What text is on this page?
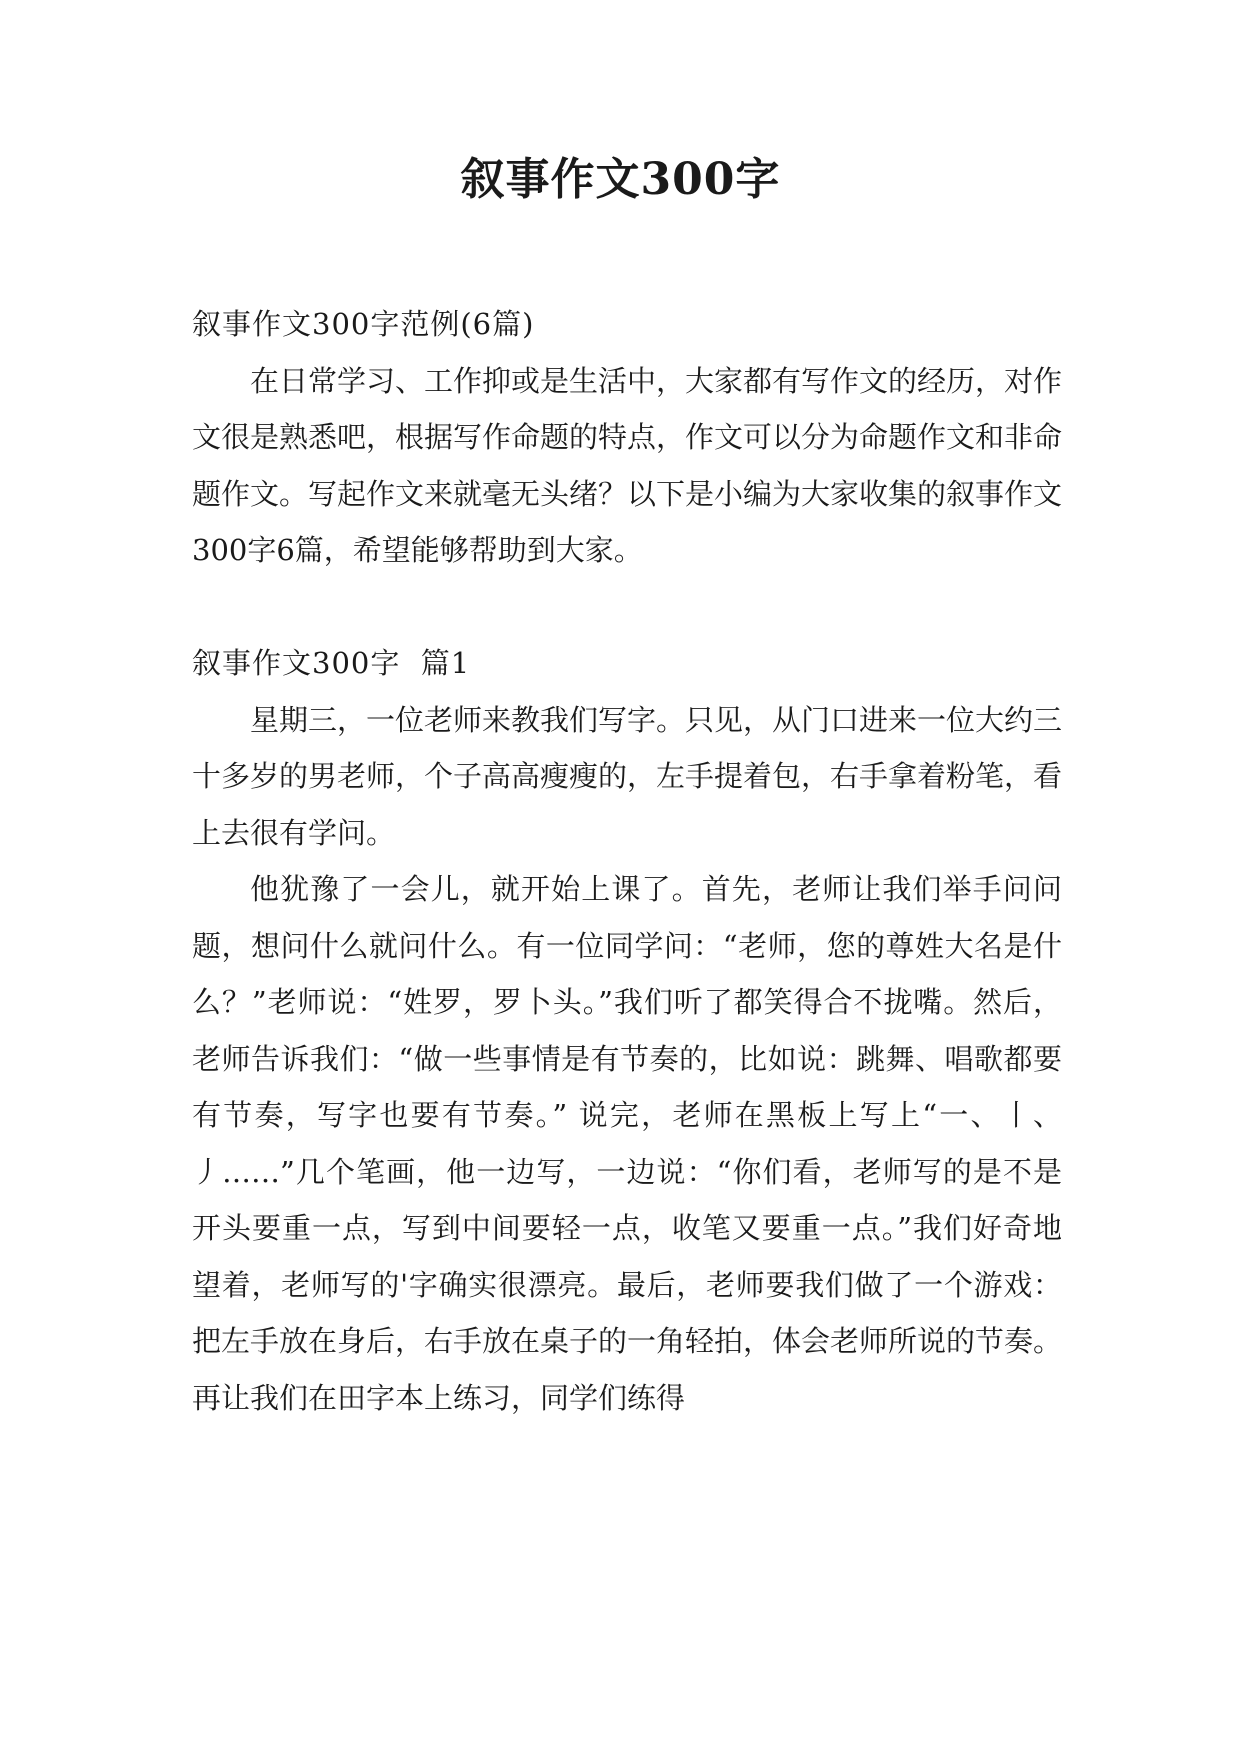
叙事作文300字

叙事作文300字范例(6篇)

在日常学习、工作抑或是生活中，大家都有写作文的经历，对作文很是熟悉吧，根据写作命题的特点，作文可以分为命题作文和非命题作文。写起作文来就毫无头绪？以下是小编为大家收集的叙事作文300字6篇，希望能够帮助到大家。

叙事作文300字  篇1

星期三，一位老师来教我们写字。只见，从门口进来一位大约三十多岁的男老师，个子高高瘦瘦的，左手提着包，右手拿着粉笔，看上去很有学问。

他犹豫了一会儿，就开始上课了。首先，老师让我们举手问问题，想问什么就问什么。有一位同学问：“老师，您的尊姓大名是什么？”老师说：“姓罗，罗卜头。”我们听了都笑得合不拢嘴。然后，老师告诉我们：“做一些事情是有节奏的，比如说：跳舞、唱歌都要有节奏，写字也要有节奏。” 说完，老师在黑板上写上“一、丨、丿……”几个笔画，他一边写，一边说：“你们看，老师写的是不是开头要重一点，写到中间要轻一点，收笔又要重一点。”我们好奇地望着，老师写的'字确实很漂亮。最后，老师要我们做了一个游戏：把左手放在身后，右手放在桌子的一角轻拍，体会老师所说的节奏。再让我们在田字本上练习，同学们练得
